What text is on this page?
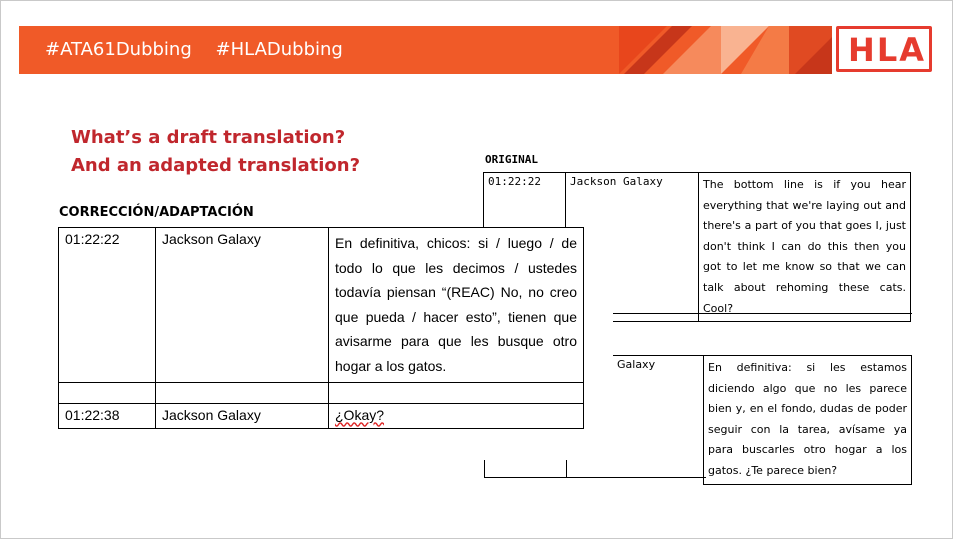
#ATA61Dubbing #HLADubbing	HLA
What’s a draft translation?
And an adapted translation?	ORIGINAL
01:22:22	Jackson Galaxy	The bottom line is if you hear everything that we're laying out and there's a part of you that goes I, just don't think I can do this then you got to let me know so that we can talk about rehoming these cats. Cool?
Galaxy	En definitiva: si les estamos diciendo algo que no les parece bien y, en el fondo, dudas de poder seguir con la tarea, avísame ya para buscarles otro hogar a los gatos. ¿Te parece bien?
CORRECCIÓN/ADAPTACIÓN
01:22:22	Jackson Galaxy	En definitiva, chicos: si / luego / de todo lo que les decimos / ustedes todavía piensan “(REAC) No, no creo que pueda / hacer esto”, tienen que avisarme para que les busque otro hogar a los gatos.

01:22:38	Jackson Galaxy	¿Okay?
